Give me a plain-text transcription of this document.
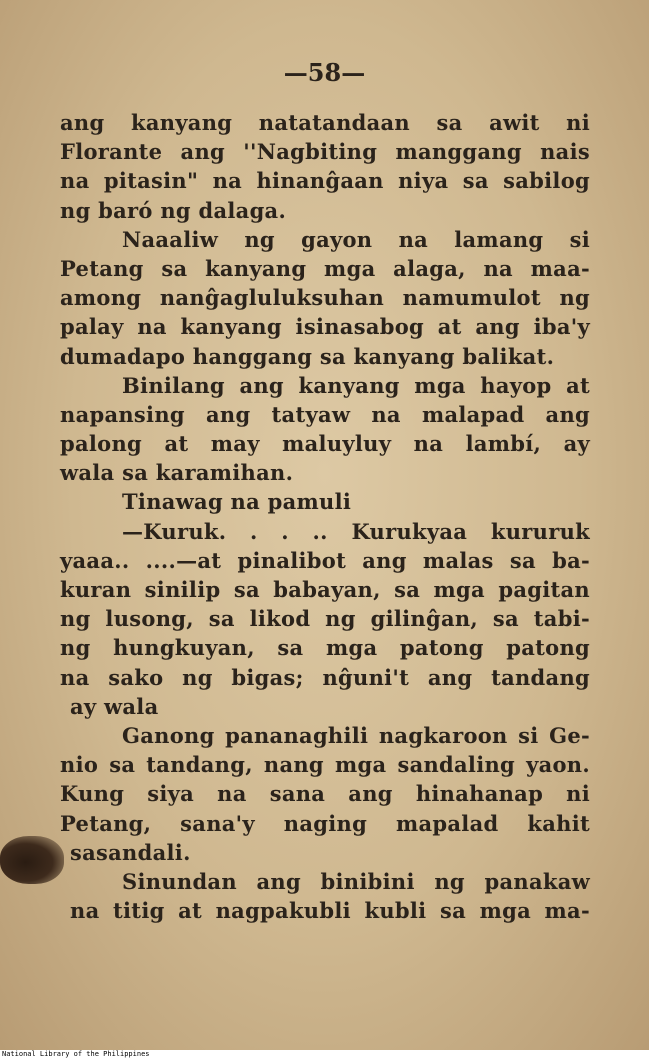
—58—
ang kanyang natatandaan sa awit ni
Florante ang ''Nagbiting manggang nais
na pitasin" na hinanĝaan niya sa sabilog
ng baró ng dalaga.
Naaaliw ng gayon na lamang si
Petang sa kanyang mga alaga, na maa-
among nanĝagluluksuhan namumulot ng
palay na kanyang isinasabog at ang iba'y
dumadapo hanggang sa kanyang balikat.
Binilang ang kanyang mga hayop at
napansing ang tatyaw na malapad ang
palong at may maluyluy na lambí, ay
wala sa karamihan.
Tinawag na pamuli
—Kuruk. . . .. Kurukyaa kururuk
yaaa.. ....—at pinalibot ang malas sa ba-
kuran sinilip sa babayan, sa mga pagitan
ng lusong, sa likod ng gilinĝan, sa tabi-
ng hungkuyan, sa mga patong patong
na sako ng bigas; nĝuni't ang tandang
ay wala
Ganong pananaghili nagkaroon si Ge-
nio sa tandang, nang mga sandaling yaon.
Kung siya na sana ang hinahanap ni
Petang, sana'y naging mapalad kahit
sasandali.
Sinundan ang binibini ng panakaw
na titig at nagpakubli kubli sa mga ma-
National Library of the Philippines
